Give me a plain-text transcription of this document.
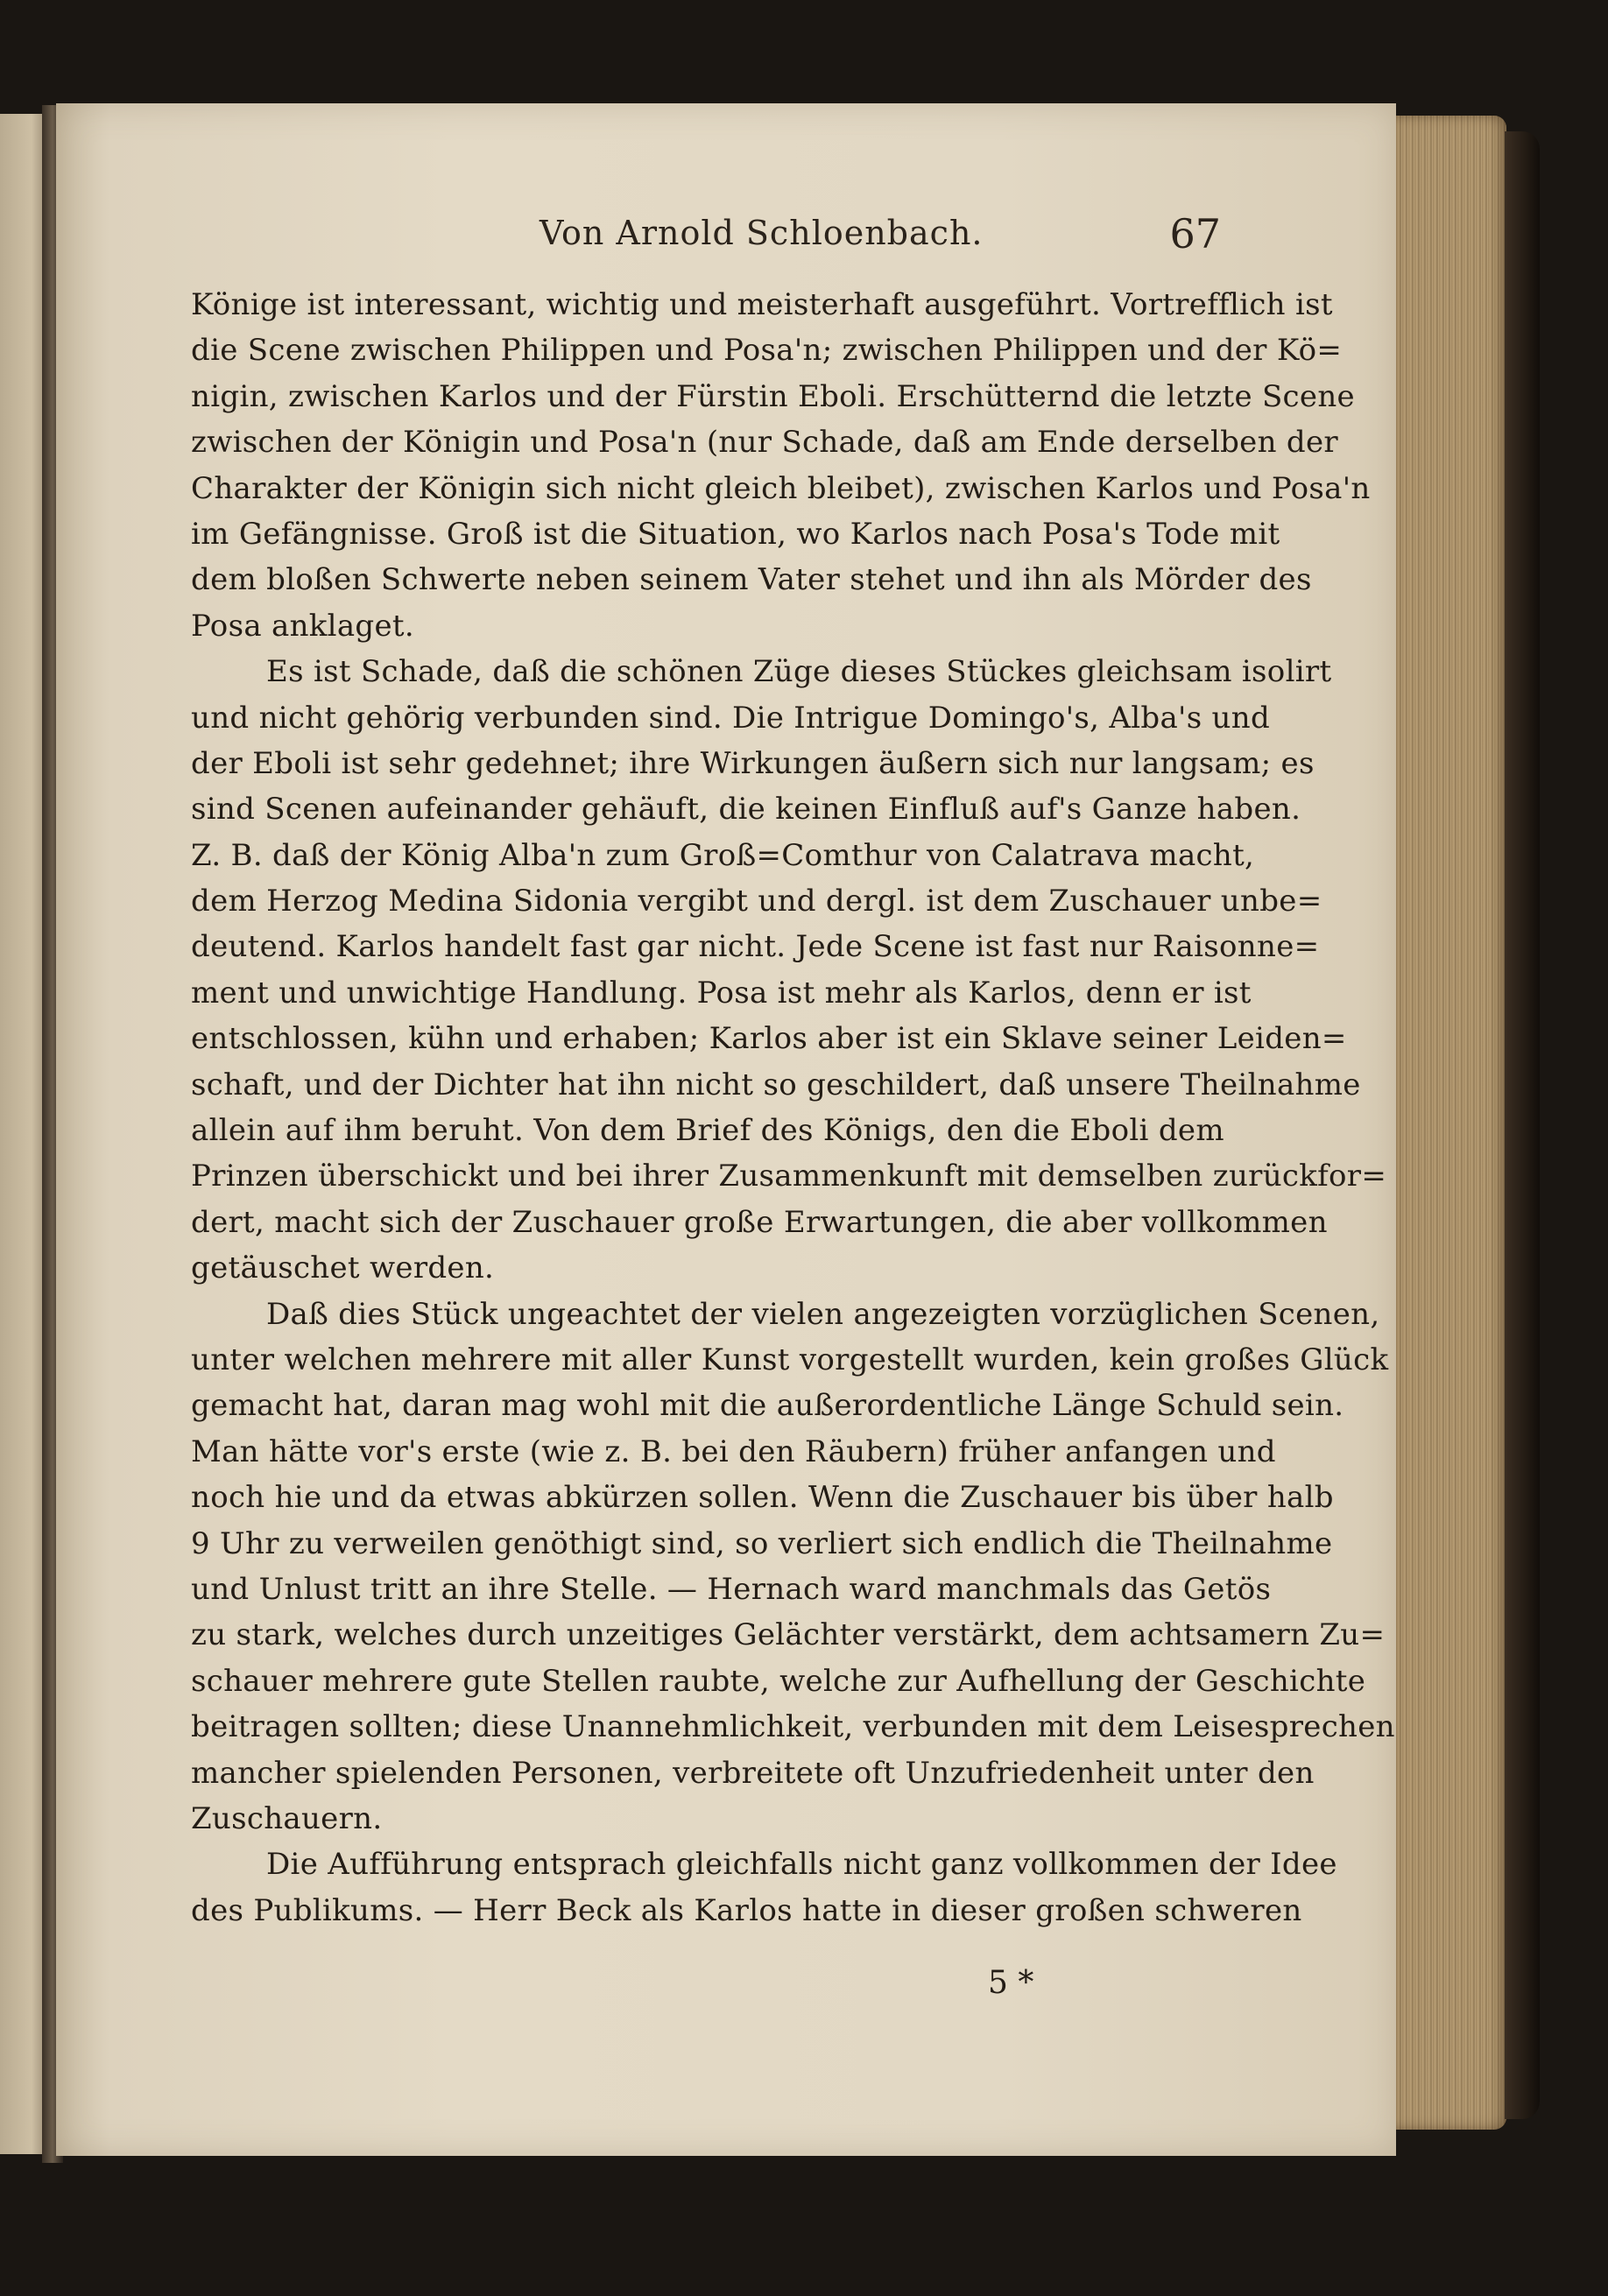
Von Arnold Schloenbach.	67
Könige ist interessant, wichtig und meisterhaft ausgeführt. Vortrefflich ist
die Scene zwischen Philippen und Posa'n; zwischen Philippen und der Kö=
nigin, zwischen Karlos und der Fürstin Eboli. Erschütternd die letzte Scene
zwischen der Königin und Posa'n (nur Schade, daß am Ende derselben der
Charakter der Königin sich nicht gleich bleibet), zwischen Karlos und Posa'n
im Gefängnisse. Groß ist die Situation, wo Karlos nach Posa's Tode mit
dem bloßen Schwerte neben seinem Vater stehet und ihn als Mörder des
Posa anklaget.
Es ist Schade, daß die schönen Züge dieses Stückes gleichsam isolirt
und nicht gehörig verbunden sind. Die Intrigue Domingo's, Alba's und
der Eboli ist sehr gedehnet; ihre Wirkungen äußern sich nur langsam; es
sind Scenen aufeinander gehäuft, die keinen Einfluß auf's Ganze haben.
Z. B. daß der König Alba'n zum Groß=Comthur von Calatrava macht,
dem Herzog Medina Sidonia vergibt und dergl. ist dem Zuschauer unbe=
deutend. Karlos handelt fast gar nicht. Jede Scene ist fast nur Raisonne=
ment und unwichtige Handlung. Posa ist mehr als Karlos, denn er ist
entschlossen, kühn und erhaben; Karlos aber ist ein Sklave seiner Leiden=
schaft, und der Dichter hat ihn nicht so geschildert, daß unsere Theilnahme
allein auf ihm beruht. Von dem Brief des Königs, den die Eboli dem
Prinzen überschickt und bei ihrer Zusammenkunft mit demselben zurückfor=
dert, macht sich der Zuschauer große Erwartungen, die aber vollkommen
getäuschet werden.
Daß dies Stück ungeachtet der vielen angezeigten vorzüglichen Scenen,
unter welchen mehrere mit aller Kunst vorgestellt wurden, kein großes Glück
gemacht hat, daran mag wohl mit die außerordentliche Länge Schuld sein.
Man hätte vor's erste (wie z. B. bei den Räubern) früher anfangen und
noch hie und da etwas abkürzen sollen. Wenn die Zuschauer bis über halb
9 Uhr zu verweilen genöthigt sind, so verliert sich endlich die Theilnahme
und Unlust tritt an ihre Stelle. — Hernach ward manchmals das Getös
zu stark, welches durch unzeitiges Gelächter verstärkt, dem achtsamern Zu=
schauer mehrere gute Stellen raubte, welche zur Aufhellung der Geschichte
beitragen sollten; diese Unannehmlichkeit, verbunden mit dem Leisesprechen
mancher spielenden Personen, verbreitete oft Unzufriedenheit unter den
Zuschauern.
Die Aufführung entsprach gleichfalls nicht ganz vollkommen der Idee
des Publikums. — Herr Beck als Karlos hatte in dieser großen schweren
5 *
